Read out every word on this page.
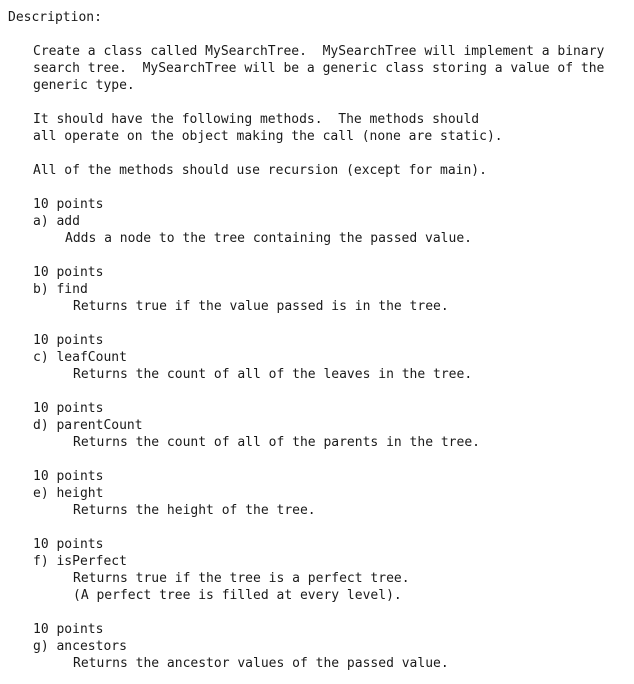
Description:
Create a class called MySearchTree.  MySearchTree will implement a binary
search tree.  MySearchTree will be a generic class storing a value of the
generic type.
It should have the following methods.  The methods should
all operate on the object making the call (none are static).
All of the methods should use recursion (except for main).
10 points
a) add
Adds a node to the tree containing the passed value.
10 points
b) find
Returns true if the value passed is in the tree.
10 points
c) leafCount
Returns the count of all of the leaves in the tree.
10 points
d) parentCount
Returns the count of all of the parents in the tree.
10 points
e) height
Returns the height of the tree.
10 points
f) isPerfect
Returns true if the tree is a perfect tree.
(A perfect tree is filled at every level).
10 points
g) ancestors
Returns the ancestor values of the passed value.
